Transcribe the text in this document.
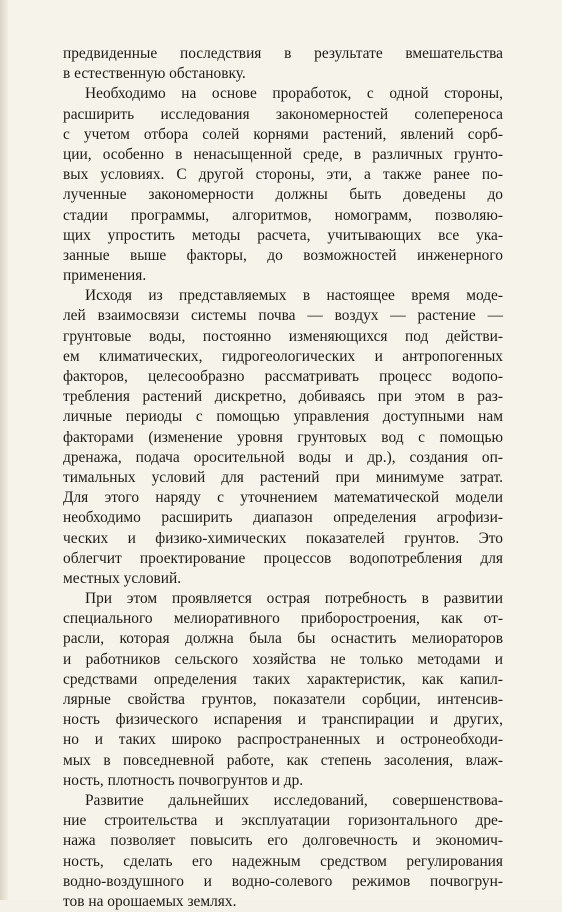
предвиденные последствия в результате вмешательства
в естественную обстановку.
Необходимо на основе проработок, с одной стороны,
расширить исследования закономерностей солепереноса
с учетом отбора солей корнями растений, явлений сорб-
ции, особенно в ненасыщенной среде, в различных грунто-
вых условиях. С другой стороны, эти, а также ранее по-
лученные закономерности должны быть доведены до
стадии программы, алгоритмов, номограмм, позволяю-
щих упростить методы расчета, учитывающих все ука-
занные выше факторы, до возможностей инженерного
применения.
Исходя из представляемых в настоящее время моде-
лей взаимосвязи системы почва — воздух — растение —
грунтовые воды, постоянно изменяющихся под действи-
ем климатических, гидрогеологических и антропогенных
факторов, целесообразно рассматривать процесс водопо-
требления растений дискретно, добиваясь при этом в раз-
личные периоды с помощью управления доступными нам
факторами (изменение уровня грунтовых вод с помощью
дренажа, подача оросительной воды и др.), создания оп-
тимальных условий для растений при минимуме затрат.
Для этого наряду с уточнением математической модели
необходимо расширить диапазон определения агрофизи-
ческих и физико-химических показателей грунтов. Это
облегчит проектирование процессов водопотребления для
местных условий.
При этом проявляется острая потребность в развитии
специального мелиоративного приборостроения, как от-
расли, которая должна была бы оснастить мелиораторов
и работников сельского хозяйства не только методами и
средствами определения таких характеристик, как капил-
лярные свойства грунтов, показатели сорбции, интенсив-
ность физического испарения и транспирации и других,
но и таких широко распространенных и остронеобходи-
мых в повседневной работе, как степень засоления, влаж-
ность, плотность почвогрунтов и др.
Развитие дальнейших исследований, совершенствова-
ние строительства и эксплуатации горизонтального дре-
нажа позволяет повысить его долговечность и экономич-
ность, сделать его надежным средством регулирования
водно-воздушного и водно-солевого режимов почвогрун-
тов на орошаемых землях.
